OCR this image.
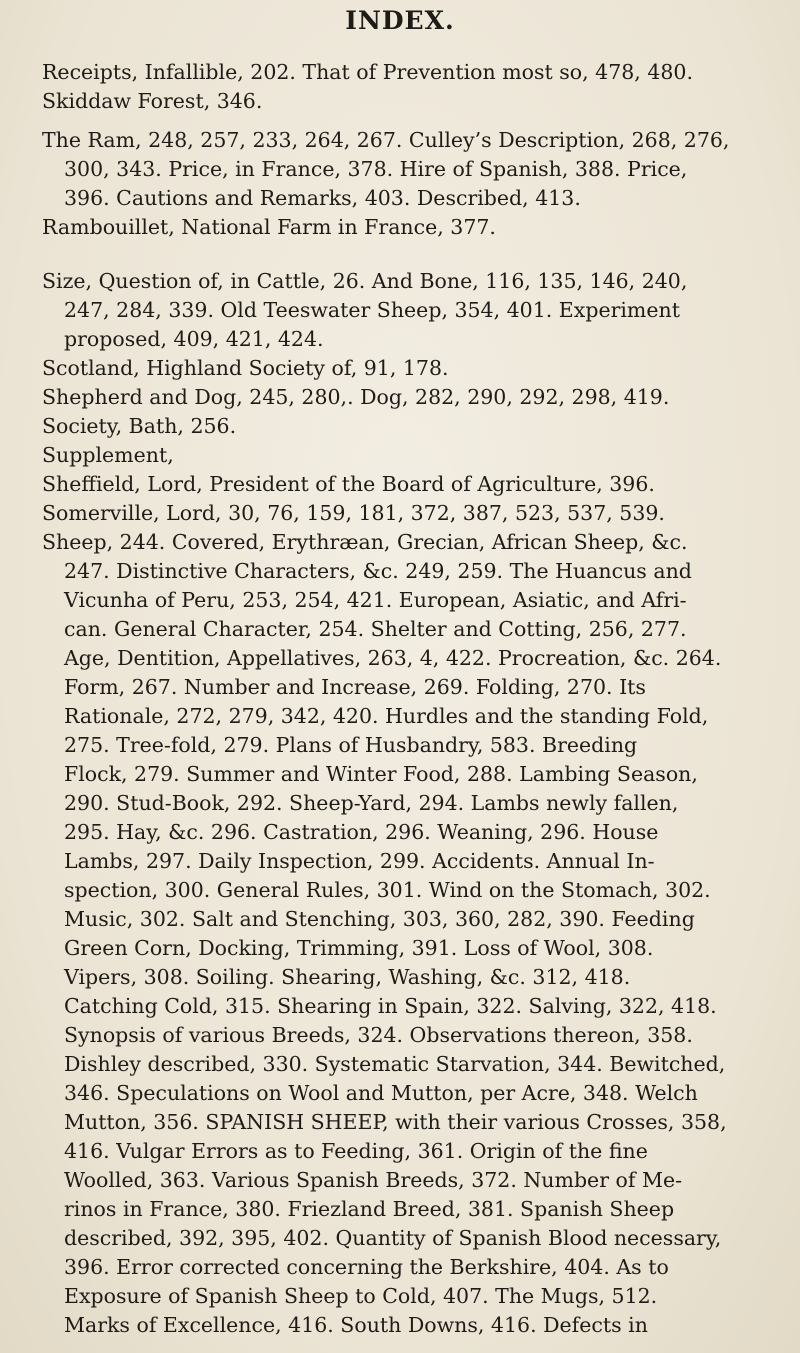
INDEX.
Receipts, Infallible, 202. That of Prevention most so, 478, 480.
Skiddaw Forest, 346.
The Ram, 248, 257, 233, 264, 267. Culley’s Description, 268, 276,
300, 343. Price, in France, 378. Hire of Spanish, 388. Price,
396. Cautions and Remarks, 403. Described, 413.
Rambouillet, National Farm in France, 377.
Size, Question of, in Cattle, 26. And Bone, 116, 135, 146, 240,
247, 284, 339. Old Teeswater Sheep, 354, 401. Experiment
proposed, 409, 421, 424.
Scotland, Highland Society of, 91, 178.
Shepherd and Dog, 245, 280,. Dog, 282, 290, 292, 298, 419.
Society, Bath, 256.
Supplement,
Sheffield, Lord, President of the Board of Agriculture, 396.
Somerville, Lord, 30, 76, 159, 181, 372, 387, 523, 537, 539.
Sheep, 244. Covered, Erythræan, Grecian, African Sheep, &c.
247. Distinctive Characters, &c. 249, 259. The Huancus and
Vicunha of Peru, 253, 254, 421. European, Asiatic, and Afri-
can. General Character, 254. Shelter and Cotting, 256, 277.
Age, Dentition, Appellatives, 263, 4, 422. Procreation, &c. 264.
Form, 267. Number and Increase, 269. Folding, 270. Its
Rationale, 272, 279, 342, 420. Hurdles and the standing Fold,
275. Tree-fold, 279. Plans of Husbandry, 583. Breeding
Flock, 279. Summer and Winter Food, 288. Lambing Season,
290. Stud-Book, 292. Sheep-Yard, 294. Lambs newly fallen,
295. Hay, &c. 296. Castration, 296. Weaning, 296. House
Lambs, 297. Daily Inspection, 299. Accidents. Annual In-
spection, 300. General Rules, 301. Wind on the Stomach, 302.
Music, 302. Salt and Stenching, 303, 360, 282, 390. Feeding
Green Corn, Docking, Trimming, 391. Loss of Wool, 308.
Vipers, 308. Soiling. Shearing, Washing, &c. 312, 418.
Catching Cold, 315. Shearing in Spain, 322. Salving, 322, 418.
Synopsis of various Breeds, 324. Observations thereon, 358.
Dishley described, 330. Systematic Starvation, 344. Bewitched,
346. Speculations on Wool and Mutton, per Acre, 348. Welch
Mutton, 356. SPANISH SHEEP, with their various Crosses, 358,
416. Vulgar Errors as to Feeding, 361. Origin of the fine
Woolled, 363. Various Spanish Breeds, 372. Number of Me-
rinos in France, 380. Friezland Breed, 381. Spanish Sheep
described, 392, 395, 402. Quantity of Spanish Blood necessary,
396. Error corrected concerning the Berkshire, 404. As to
Exposure of Spanish Sheep to Cold, 407. The Mugs, 512.
Marks of Excellence, 416. South Downs, 416. Defects in
